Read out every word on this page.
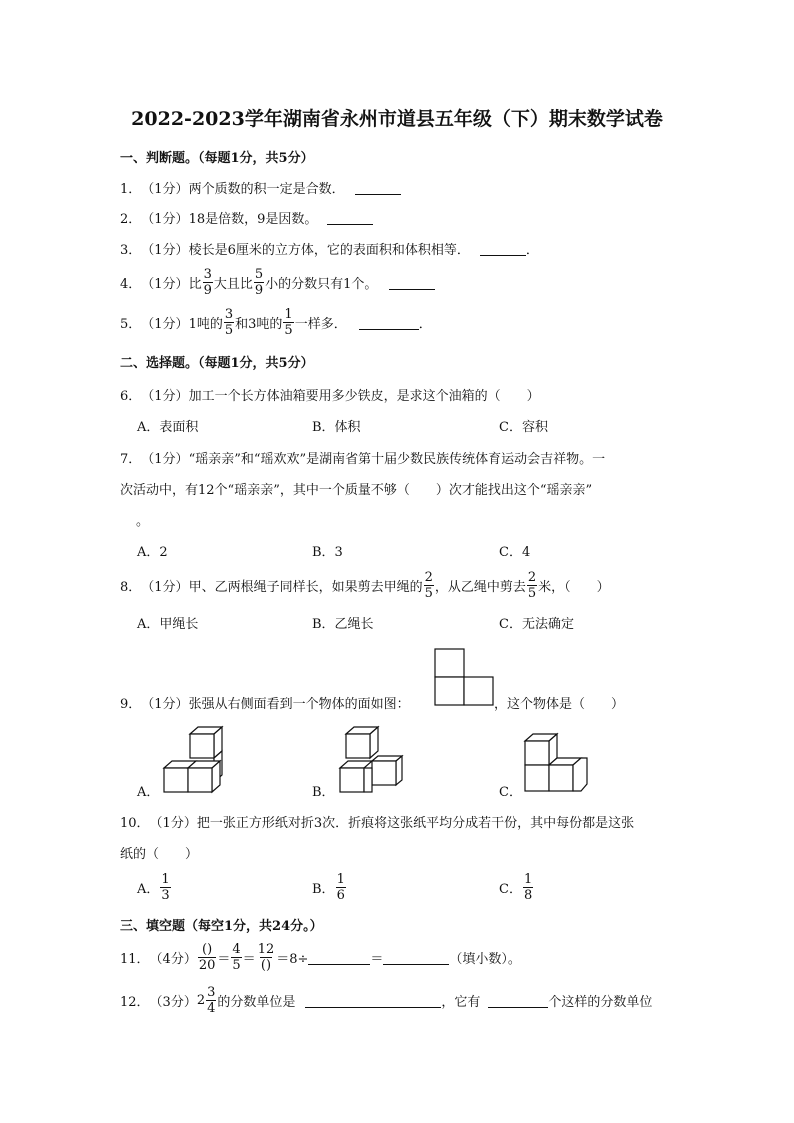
2022-2023学年湖南省永州市道县五年级（下）期末数学试卷
一、判断题。（每题1分，共5分）
1． （1分） 两个质数的积一定是合数．
2． （1分） 18是倍数，9是因数。
3． （1分） 棱长是6厘米的立方体，它的表面积和体积相等．	．
4． （1分） 比 $\frac{3}{9}$ 大且比 $\frac{5}{9}$ 小的分数只有1个。
5． （1分） 1吨的 $\frac{3}{5}$ 和3吨的 $\frac{1}{5}$ 一样多．	．
二、选择题。（每题1分，共5分）
6． （1分） 加工一个长方体油箱要用多少铁皮，是求这个油箱的（　　）
A．表面积	B．体积	C．容积
7． （1分） “瑶亲亲”和“瑶欢欢”是湖南省第十届少数民族传统体育运动会吉祥物。一
次活动中，有12个“瑶亲亲”，其中一个质量不够（　　）次才能找出这个“瑶亲亲”
。
A．2	B．3	C．4
8． （1分） 甲、乙两根绳子同样长，如果剪去甲绳的 $\frac{2}{5}$ ，从乙绳中剪去 $\frac{2}{5}$ 米，（　　）
A．甲绳长	B．乙绳长	C．无法确定
9． （1分） 张强从右侧面看到一个物体的面如图：	，这个物体是（　　）
A．	B．	C．
10． （1分） 把一张正方形纸对折3次．折痕将这张纸平均分成若干份，其中每份都是这张
纸的（　　）
A． $\frac{1}{3}$	B． $\frac{1}{6}$	C． $\frac{1}{8}$
三、填空题（每空1分，共24分。）
11． （4分） $\frac{()}{20} = \frac{4}{5} = \frac{12}{()} =8\div$	＝	（填小数）。
12． （3分） $2 \frac{3}{4}$ 的分数单位是	，它有	个这样的分数单位
